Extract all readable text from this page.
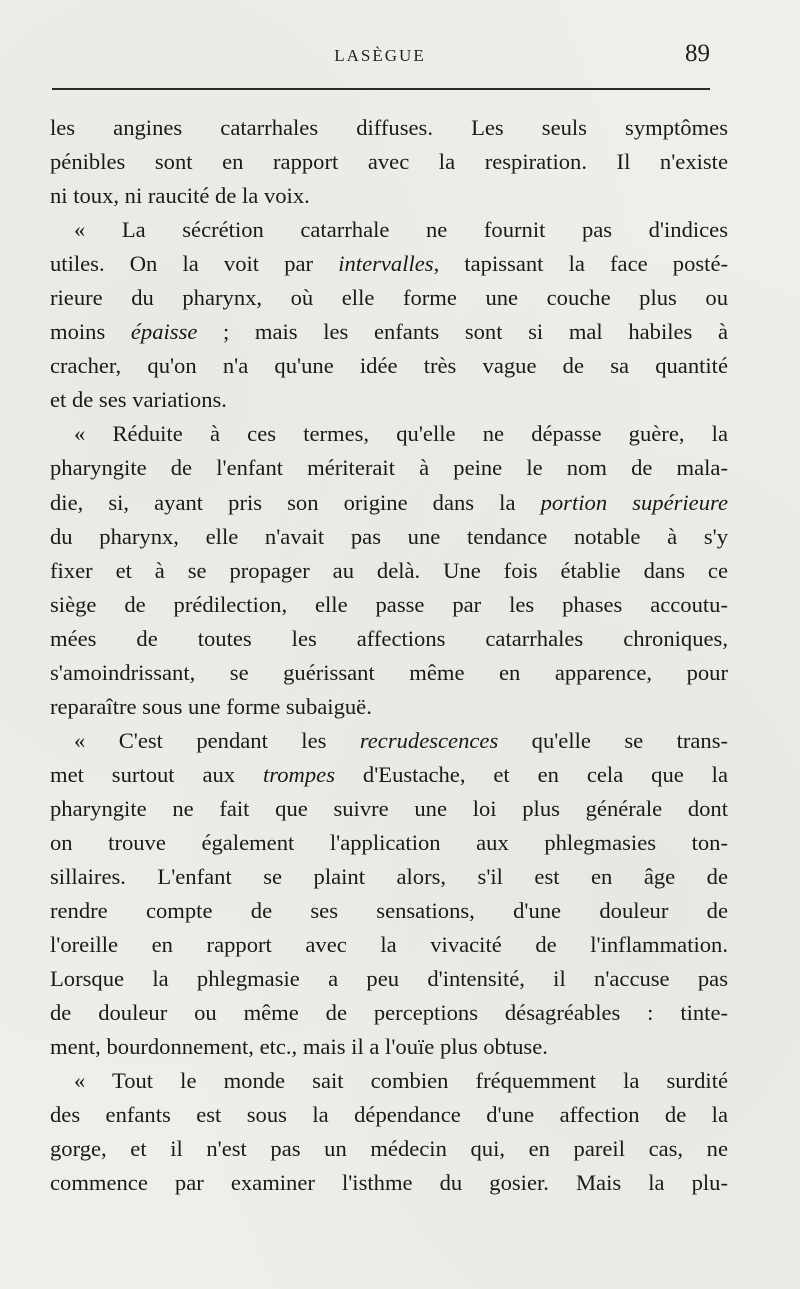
LASÈGUE	89

les angines catarrhales diffuses. Les seuls symptômes

pénibles sont en rapport avec la respiration. Il n'existe

ni toux, ni raucité de la voix.

« La sécrétion catarrhale ne fournit pas d'indices

utiles. On la voit par intervalles, tapissant la face posté-

rieure du pharynx, où elle forme une couche plus ou

moins épaisse ; mais les enfants sont si mal habiles à

cracher, qu'on n'a qu'une idée très vague de sa quantité

et de ses variations.

« Réduite à ces termes, qu'elle ne dépasse guère, la

pharyngite de l'enfant mériterait à peine le nom de mala-

die, si, ayant pris son origine dans la portion supérieure

du pharynx, elle n'avait pas une tendance notable à s'y

fixer et à se propager au delà. Une fois établie dans ce

siège de prédilection, elle passe par les phases accoutu-

mées de toutes les affections catarrhales chroniques,

s'amoindrissant, se guérissant même en apparence, pour

reparaître sous une forme subaiguë.

« C'est pendant les recrudescences qu'elle se trans-

met surtout aux trompes d'Eustache, et en cela que la

pharyngite ne fait que suivre une loi plus générale dont

on trouve également l'application aux phlegmasies ton-

sillaires. L'enfant se plaint alors, s'il est en âge de

rendre compte de ses sensations, d'une douleur de

l'oreille en rapport avec la vivacité de l'inflammation.

Lorsque la phlegmasie a peu d'intensité, il n'accuse pas

de douleur ou même de perceptions désagréables : tinte-

ment, bourdonnement, etc., mais il a l'ouïe plus obtuse.

« Tout le monde sait combien fréquemment la surdité

des enfants est sous la dépendance d'une affection de la

gorge, et il n'est pas un médecin qui, en pareil cas, ne

commence par examiner l'isthme du gosier. Mais la plu-
